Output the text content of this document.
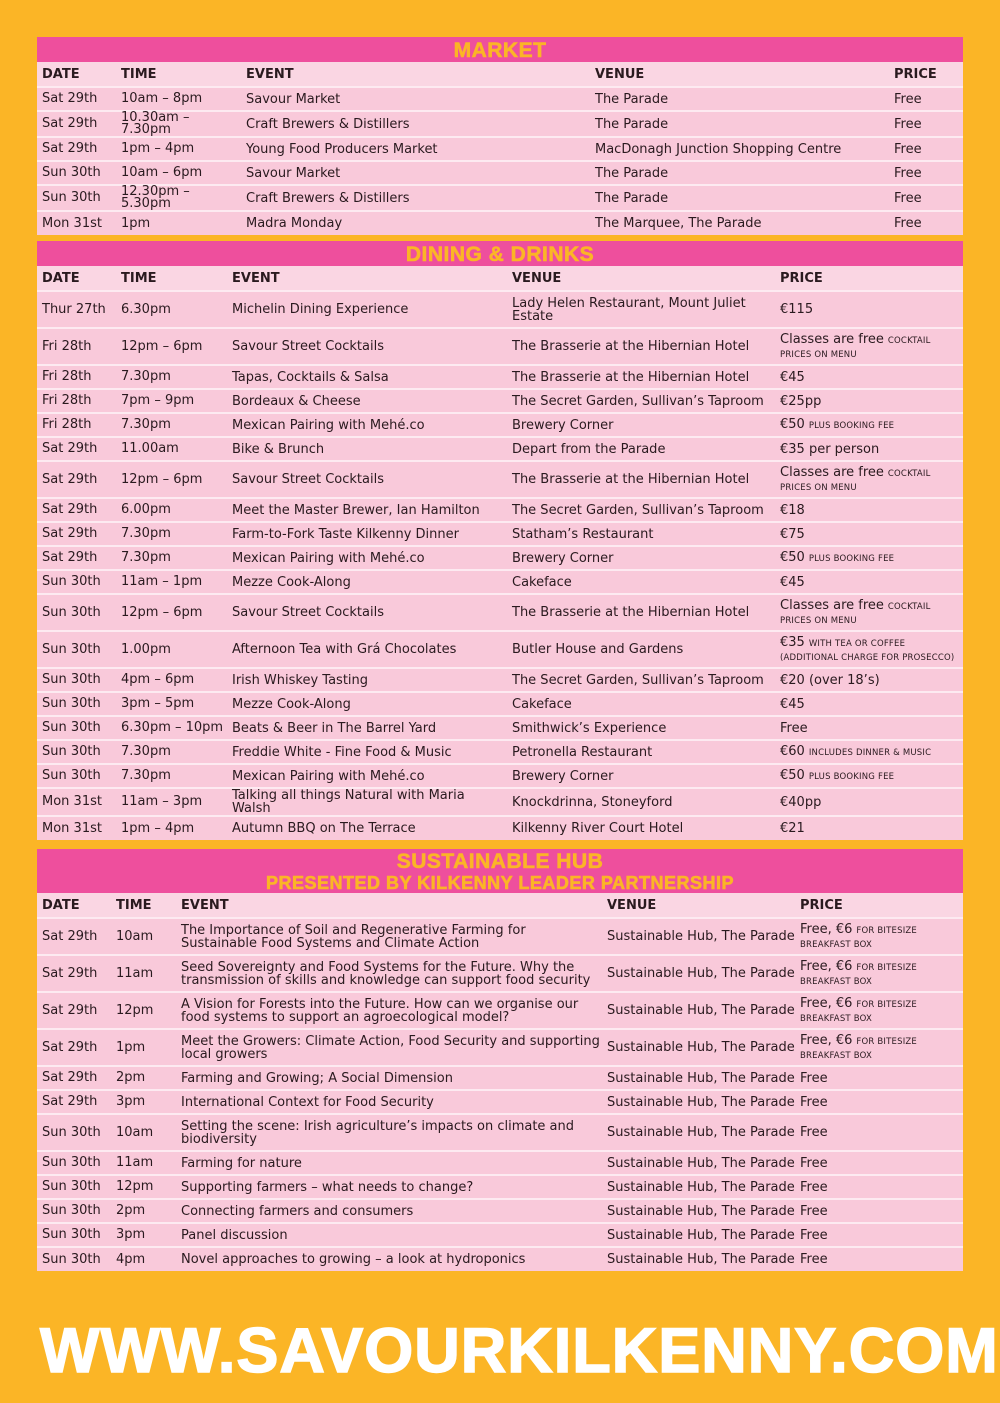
MARKET
DATE	TIME	EVENT	VENUE	PRICE
Sat 29th	10am – 8pm	Savour Market	The Parade	Free
Sat 29th	10.30am – 7.30pm	Craft Brewers & Distillers	The Parade	Free
Sat 29th	1pm – 4pm	Young Food Producers Market	MacDonagh Junction Shopping Centre	Free
Sun 30th	10am – 6pm	Savour Market	The Parade	Free
Sun 30th	12.30pm – 5.30pm	Craft Brewers & Distillers	The Parade	Free
Mon 31st	1pm	Madra Monday	The Marquee, The Parade	Free
DINING & DRINKS
DATE	TIME	EVENT	VENUE	PRICE
Thur 27th	6.30pm	Michelin Dining Experience	Lady Helen Restaurant, Mount Juliet Estate	€115
Fri 28th	12pm – 6pm	Savour Street Cocktails	The Brasserie at the Hibernian Hotel	Classes are free COCKTAIL PRICES ON MENU
Fri 28th	7.30pm	Tapas, Cocktails & Salsa	The Brasserie at the Hibernian Hotel	€45
Fri 28th	7pm – 9pm	Bordeaux & Cheese	The Secret Garden, Sullivan’s Taproom	€25pp
Fri 28th	7.30pm	Mexican Pairing with Mehé.co	Brewery Corner	€50 PLUS BOOKING FEE
Sat 29th	11.00am	Bike & Brunch	Depart from the Parade	€35 per person
Sat 29th	12pm – 6pm	Savour Street Cocktails	The Brasserie at the Hibernian Hotel	Classes are free COCKTAIL PRICES ON MENU
Sat 29th	6.00pm	Meet the Master Brewer, Ian Hamilton	The Secret Garden, Sullivan’s Taproom	€18
Sat 29th	7.30pm	Farm-to-Fork Taste Kilkenny Dinner	Statham’s Restaurant	€75
Sat 29th	7.30pm	Mexican Pairing with Mehé.co	Brewery Corner	€50 PLUS BOOKING FEE
Sun 30th	11am – 1pm	Mezze Cook-Along	Cakeface	€45
Sun 30th	12pm – 6pm	Savour Street Cocktails	The Brasserie at the Hibernian Hotel	Classes are free COCKTAIL PRICES ON MENU
Sun 30th	1.00pm	Afternoon Tea with Grá Chocolates	Butler House and Gardens	€35 WITH TEA OR COFFEE (ADDITIONAL CHARGE FOR PROSECCO)
Sun 30th	4pm – 6pm	Irish Whiskey Tasting	The Secret Garden, Sullivan’s Taproom	€20 (over 18’s)
Sun 30th	3pm – 5pm	Mezze Cook-Along	Cakeface	€45
Sun 30th	6.30pm – 10pm	Beats & Beer in The Barrel Yard	Smithwick’s Experience	Free
Sun 30th	7.30pm	Freddie White - Fine Food & Music	Petronella Restaurant	€60 INCLUDES DINNER & MUSIC
Sun 30th	7.30pm	Mexican Pairing with Mehé.co	Brewery Corner	€50 PLUS BOOKING FEE
Mon 31st	11am – 3pm	Talking all things Natural with Maria Walsh	Knockdrinna, Stoneyford	€40pp
Mon 31st	1pm – 4pm	Autumn BBQ on The Terrace	Kilkenny River Court Hotel	€21
SUSTAINABLE HUB
PRESENTED BY KILKENNY LEADER PARTNERSHIP
DATE	TIME	EVENT	VENUE	PRICE
Sat 29th	10am	The Importance of Soil and Regenerative Farming for Sustainable Food Systems and Climate Action	Sustainable Hub, The Parade	Free, €6 FOR BITESIZE BREAKFAST BOX
Sat 29th	11am	Seed Sovereignty and Food Systems for the Future. Why the transmission of skills and knowledge can support food security	Sustainable Hub, The Parade	Free, €6 FOR BITESIZE BREAKFAST BOX
Sat 29th	12pm	A Vision for Forests into the Future. How can we organise our food systems to support an agroecological model?	Sustainable Hub, The Parade	Free, €6 FOR BITESIZE BREAKFAST BOX
Sat 29th	1pm	Meet the Growers: Climate Action, Food Security and supporting local growers	Sustainable Hub, The Parade	Free, €6 FOR BITESIZE BREAKFAST BOX
Sat 29th	2pm	Farming and Growing; A Social Dimension	Sustainable Hub, The Parade	Free
Sat 29th	3pm	International Context for Food Security	Sustainable Hub, The Parade	Free
Sun 30th	10am	Setting the scene: Irish agriculture’s impacts on climate and biodiversity	Sustainable Hub, The Parade	Free
Sun 30th	11am	Farming for nature	Sustainable Hub, The Parade	Free
Sun 30th	12pm	Supporting farmers – what needs to change?	Sustainable Hub, The Parade	Free
Sun 30th	2pm	Connecting farmers and consumers	Sustainable Hub, The Parade	Free
Sun 30th	3pm	Panel discussion	Sustainable Hub, The Parade	Free
Sun 30th	4pm	Novel approaches to growing – a look at hydroponics	Sustainable Hub, The Parade	Free
WWW.SAVOURKILKENNY.COM
